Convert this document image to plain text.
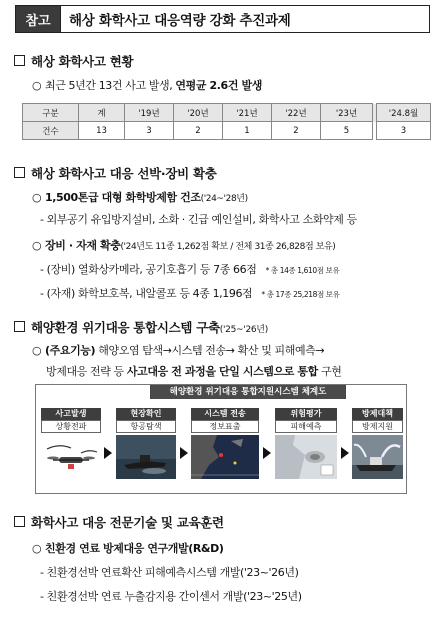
참고	해상 화학사고 대응역량 강화 추진과제
해상 화학사고 현황
○ 최근 5년간 13건 사고 발생, 연평균 2.6건 발생
구분	계	'19년	'20년	'21년	'22년	'23년		'24.8월
건수	13	3	2	1	2	5		3
해상 화학사고 대응 선박·장비 확충
○ 1,500톤급 대형 화학방제함 건조('24~'28년)
- 외부공기 유입방지설비, 소화 · 긴급 예인설비, 화학사고 소화약제 등
○ 장비 · 자재 확충('24년도 11종 1,262점 확보 / 전체 31종 26,828점 보유)
- (장비) 열화상카메라, 공기호흡기 등 7종 66점 * 총 14종 1,610점 보유
- (자재) 화학보호복, 내알콜포 등 4종 1,196점 * 총 17종 25,218점 보유
해양환경 위기대응 통합시스템 구축('25~'26년)
○ (주요기능) 해양오염 탐색→시스템 전송→ 확산 및 피해예측→
방제대응 전략 등 사고대응 전 과정을 단일 시스템으로 통합 구현
해양환경 위기대응 통합지원시스템 체계도
사고발생
상황전파
현장확인
항공탐색
시스템 전송
정보표출
위험평가
피해예측
방제대책
방제지원
화학사고 대응 전문기술 및 교육훈련
○ 친환경 연료 방제대응 연구개발(R&D)
- 친환경선박 연료확산 피해예측시스템 개발('23~'26년)
- 친환경선박 연료 누출감지용 간이센서 개발('23~'25년)
